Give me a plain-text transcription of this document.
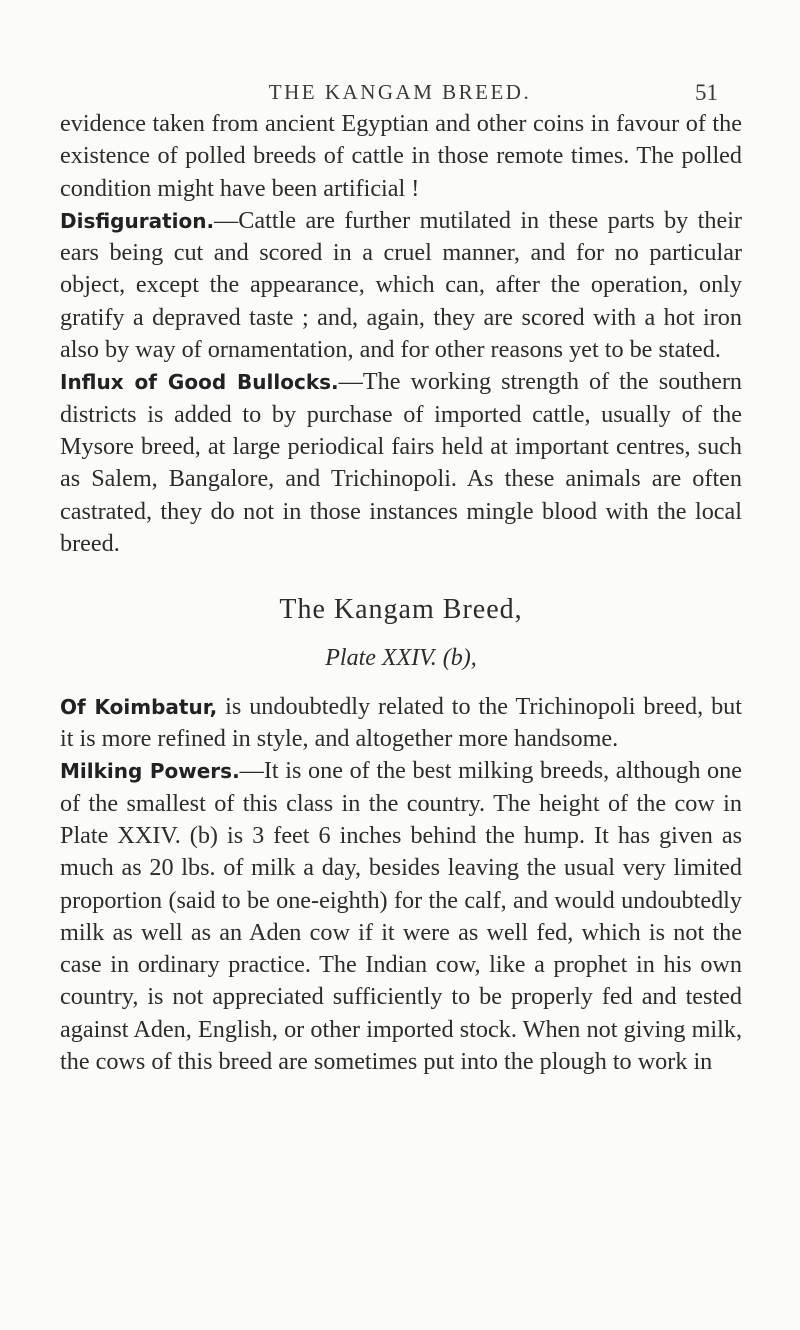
THE KANGAM BREED.	51

evidence taken from ancient Egyptian and other coins in favour of the existence of polled breeds of cattle in those remote times. The polled condition might have been artificial !

Disfiguration.—Cattle are further mutilated in these parts by their ears being cut and scored in a cruel manner, and for no particular object, except the appearance, which can, after the operation, only gratify a depraved taste ; and, again, they are scored with a hot iron also by way of ornamentation, and for other reasons yet to be stated.

Influx of Good Bullocks.—The working strength of the southern districts is added to by purchase of imported cattle, usually of the Mysore breed, at large periodical fairs held at important centres, such as Salem, Bangalore, and Trichinopoli. As these animals are often castrated, they do not in those instances mingle blood with the local breed.

The Kangam Breed,

Plate XXIV. (b),

Of Koimbatur, is undoubtedly related to the Trichinopoli breed, but it is more refined in style, and altogether more handsome.

Milking Powers.—It is one of the best milking breeds, although one of the smallest of this class in the country. The height of the cow in Plate XXIV. (b) is 3 feet 6 inches behind the hump. It has given as much as 20 lbs. of milk a day, besides leaving the usual very limited proportion (said to be one-eighth) for the calf, and would undoubtedly milk as well as an Aden cow if it were as well fed, which is not the case in ordinary practice. The Indian cow, like a prophet in his own country, is not appreciated sufficiently to be properly fed and tested against Aden, English, or other imported stock. When not giving milk, the cows of this breed are sometimes put into the plough to work in
